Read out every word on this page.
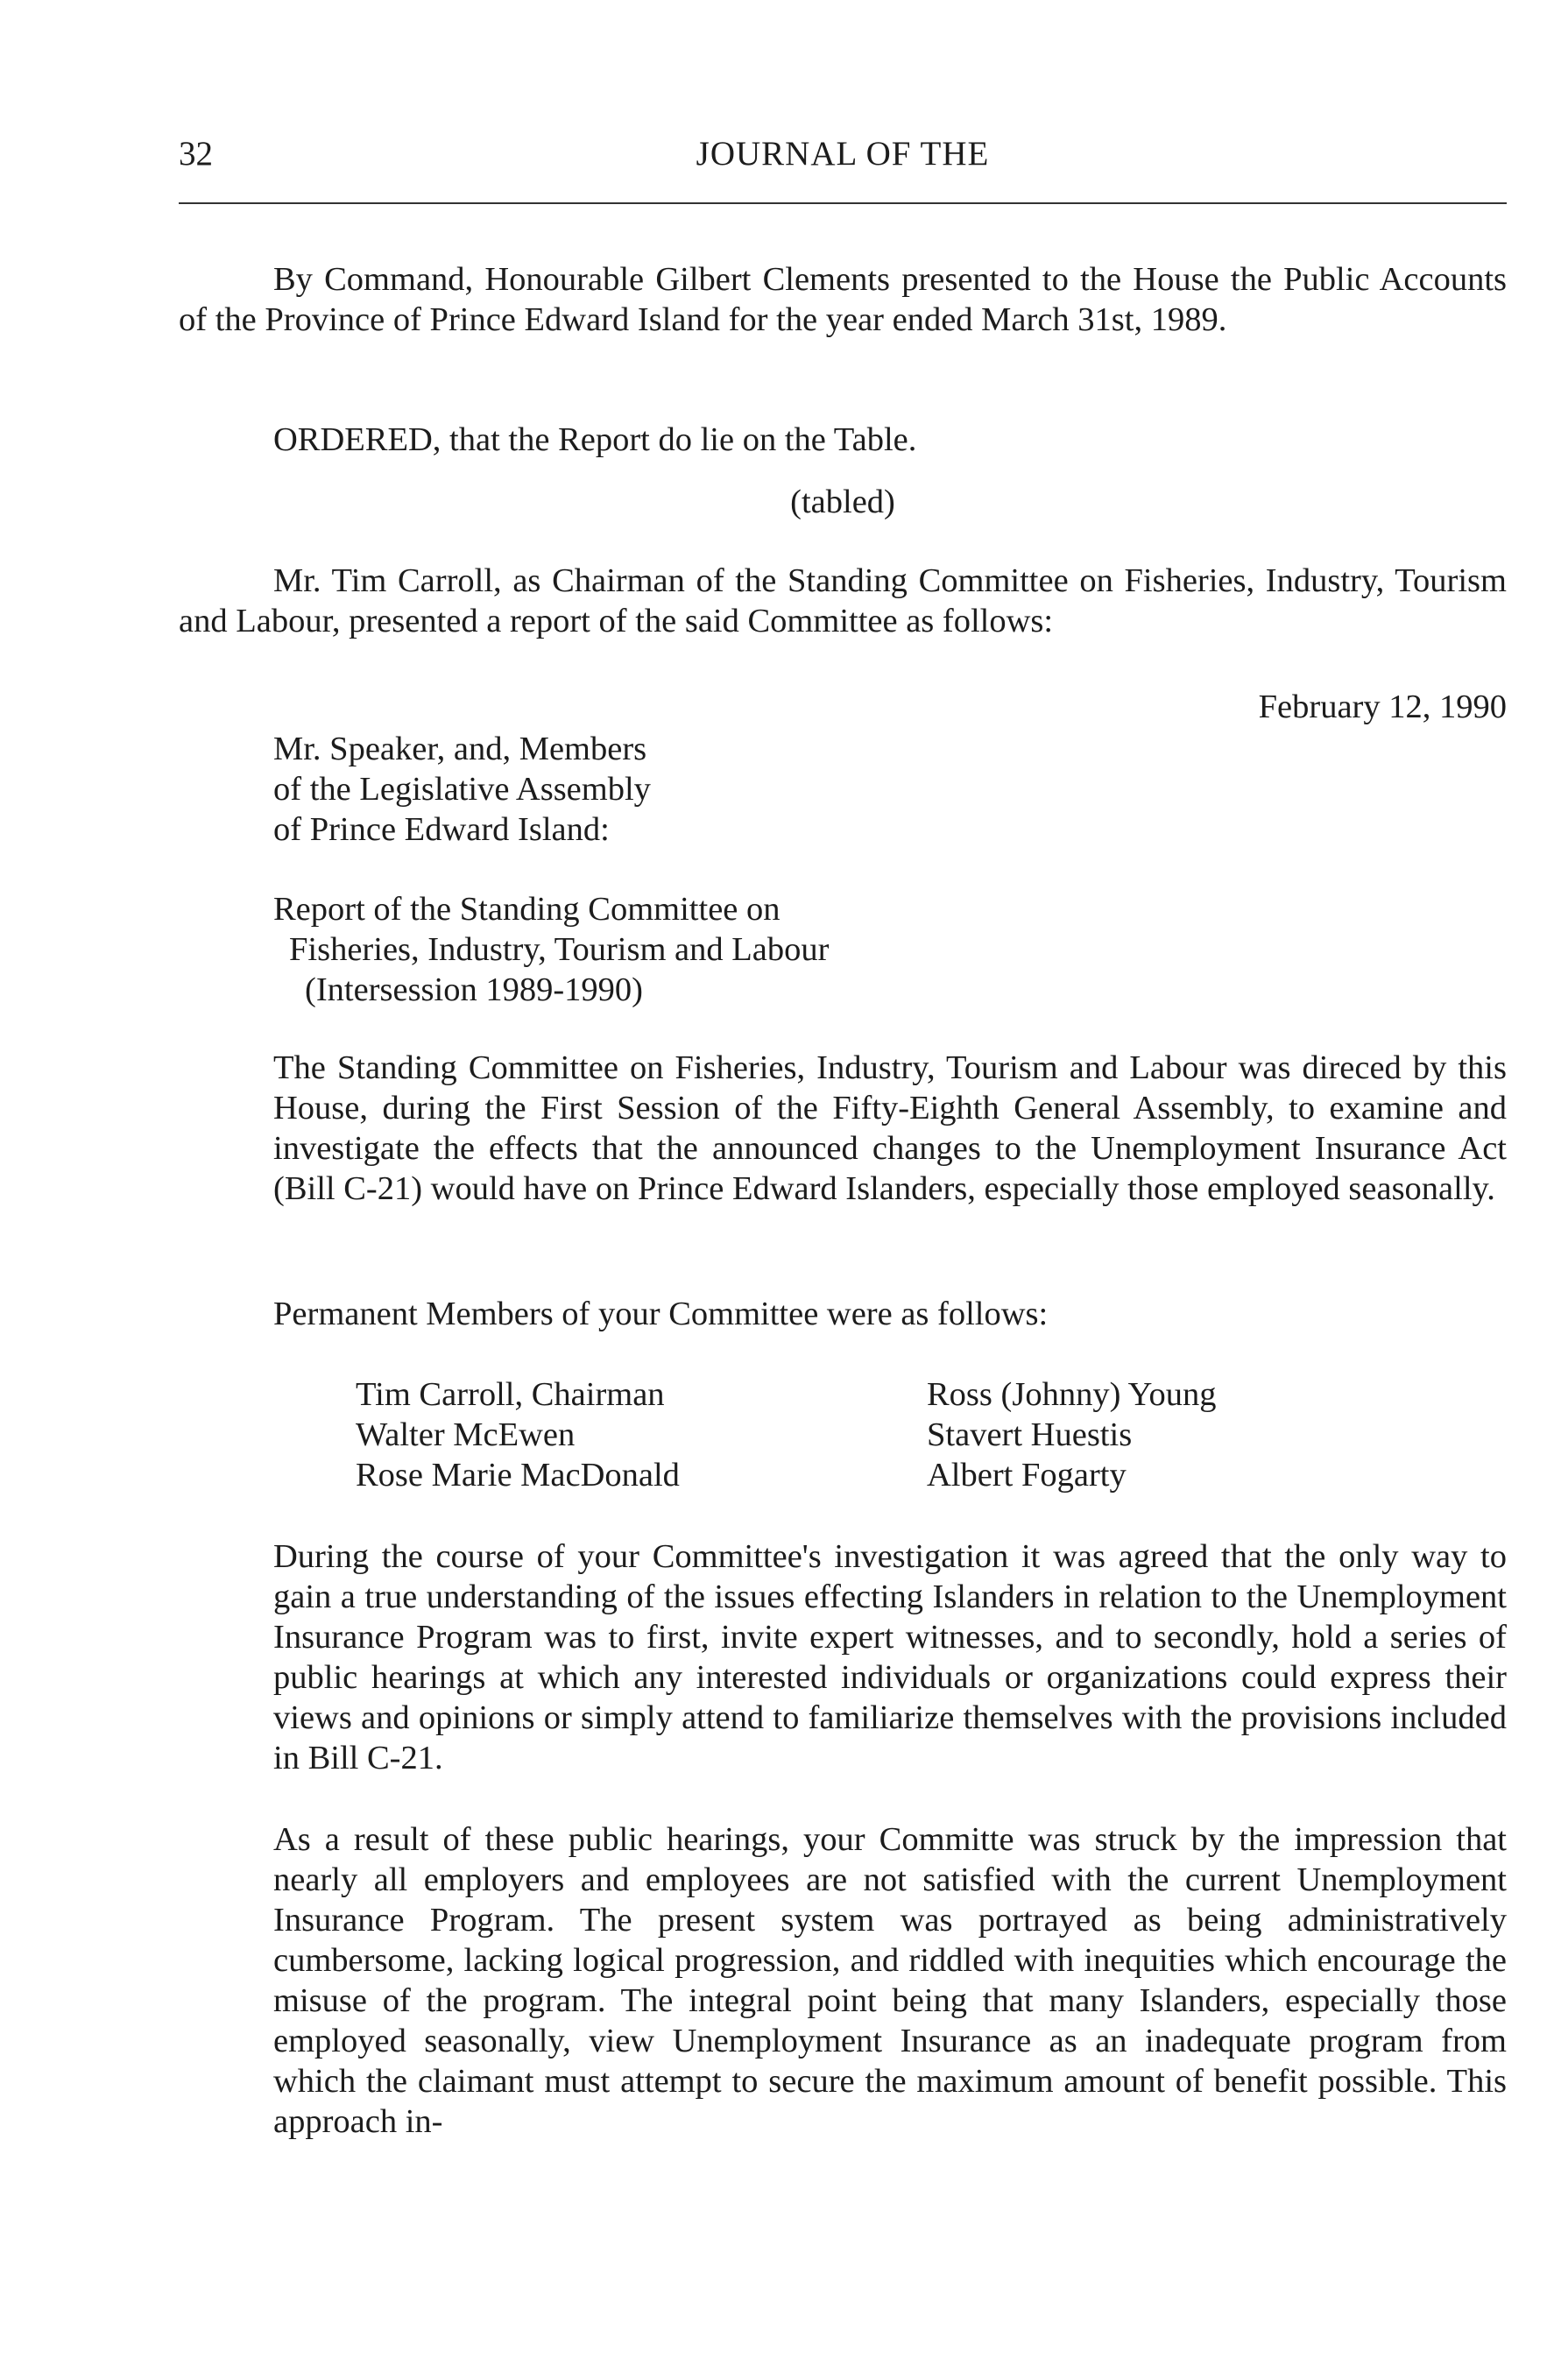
32	JOURNAL OF THE

By Command, Honourable Gilbert Clements presented to the House the Public Accounts of the Province of Prince Edward Island for the year ended March 31st, 1989.

ORDERED, that the Report do lie on the Table.

(tabled)

Mr. Tim Carroll, as Chairman of the Standing Committee on Fisheries, Industry, Tourism and Labour, presented a report of the said Committee as follows:

February 12, 1990

Mr. Speaker, and, Members
of the Legislative Assembly
of Prince Edward Island:
Report of the Standing Committee on
Fisheries, Industry, Tourism and Labour
(Intersession 1989-1990)

The Standing Committee on Fisheries, Industry, Tourism and Labour was direced by this House, during the First Session of the Fifty-Eighth General Assembly, to examine and investigate the effects that the announced changes to the Unemployment Insurance Act (Bill C-21) would have on Prince Edward Islanders, especially those employed seasonally.

Permanent Members of your Committee were as follows:

Tim Carroll, Chairman
Walter McEwen
Rose Marie MacDonald
Ross (Johnny) Young
Stavert Huestis
Albert Fogarty

During the course of your Committee's investigation it was agreed that the only way to gain a true understanding of the issues effecting Islanders in relation to the Unemployment Insurance Program was to first, invite expert witnesses, and to secondly, hold a series of public hearings at which any interested individuals or organizations could express their views and opinions or simply attend to familiarize themselves with the provisions included in Bill C-21.

As a result of these public hearings, your Committe was struck by the impression that nearly all employers and employees are not satisfied with the current Unemployment Insurance Program. The present system was portrayed as being administratively cumbersome, lacking logical progression, and riddled with inequities which encourage the misuse of the program. The integral point being that many Islanders, especially those employed seasonally, view Unemployment Insurance as an inadequate program from which the claimant must attempt to secure the maximum amount of benefit possible. This approach in-
